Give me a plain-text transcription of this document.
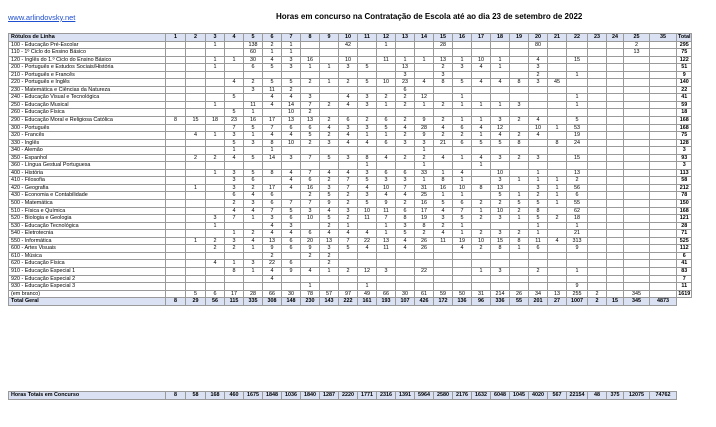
www.arlindovsky.net	Horas em concurso na Contratação de Escola até ao dia 23 de setembro de 2022
Rótulos de Linha	1	2	3	4	5	6	7	8	9	10	11	12	13	14	15	16	17	18	19	20	21	22	23	24	25	35	Total
100 - Educação Pré-Escolar			1		138	2	1			42		1			28					80					2		295
110 - 1º Ciclo do Ensino Básico					60	1	1																		13		75
120 - Inglês do 1.º Ciclo do Ensino Básico			1	1	30	4	3	16		10		11	1	1	13	1	10	1		4		15					122
200 - Português e Estudos Sociais/História			1		6	5	3	1	1	3	5		13		2	3	4	1		3							51
210 - Português e Francês													3		3					2		1					9
220 - Português e Inglês				4	2	5	5	2	1	2	5	10	23	4	8	5	4	4	8	3	45						140
230 - Matemática e Ciências da Natureza					3	11	2						6														22
240 - Educação Visual e Tecnológica				5		4	4	3		4	3	2	2	12		1						1					41
250 - Educação Musical			1		11	4	14	7	2	4	3	1	2	1	2	1	1	1	3			1					59
260 - Educação Física				5	1		10	2																			18
290 - Educação Moral e Religiosa Católica	8	15	18	23	16	17	13	13	2	6	2	6	2	9	2	1	1	3	2	4		5					168
300 - Português				7	5	7	6	6	4	3	3	5	4	28	4	6	4	12		10	1	53					168
320 - Francês		4	1	3	1	4	4	5	2	4	1	1	2	9	2	2	1	4	2	4		19					75
330 - Inglês				5	3	8	10	2	3	4	4	6	3	3	21	6	5	5	8		8	24					128
340 - Alemão				1		1								1													3
350 - Espanhol		2	2	4	5	14	3	7	5	3	8	4	2	2	4	1	4	3	2	3		15					93
360 - Língua Gestual Portuguesa											1			1			1										3
400 - História			1	3	5	8	4	7	4	4	3	6	6	33	1	4		10		1		13					113
410 - Filosofia				3	6		4	6	2	7	5	3	3	1	8	1		3	1	1	1	2					58
420 - Geografia		1		3	2	17	4	16	3	7	4	10	7	31	16	10	8	13		3	1	56					212
430 - Economia e Contabilidade				6	4	6		2	5	2	3	4	4	25	1	1		5	1	2	1	6					78
500 - Matemática				2	3	6	7	7	9	2	5	9	2	16	5	6	2	2	5	5	1	55					150
510 - Física e Química				4	4	7	5	3	4	3	10	11	6	17	4	7	1	10	2	8		62					168
520 - Biologia e Geologia			3	7	1	3	6	10	5	2	11	7	8	19	3	5	2	3	1	5	2	18					121
530 - Educação Tecnológica			1			4	3		2	1		1	3	8	2	1				1		1					28
540 - Eletrotecnia				1	2	4	4	6	4	4	4	1	5	2	4	1	2	3	2	1		21					71
550 - Informática		1	2	3	4	13	6	20	13	7	22	13	4	26	11	19	10	15	8	11	4	313					525
600 - Artes Visuais			2	2	1	9	6	9	3	5	4	11	4	26		4	2	8	1	6		9					112
610 - Música						2		2	2																		6
620 - Educação Física			4	1	3	22	6		2																		41
910 - Educação Especial 1				8	1	4	9	4	1	2	12	3		22			1	3		2		1					83
920 - Educação Especial 2						4																					7
930 - Educação Especial 3								1			1											9					11
(em branco)		5	6	17	28	66	30	78	57	97	49	66	30	61	59	50	31	214	26	34	13	255	2		345		1619
Total Geral	8	29	56	115	335	308	148	230	143	222	161	193	107	426	172	136	96	336	55	201	27	1007	2	15	345	4873	
Horas Totais em Concurso	8	58	168	460	1675	1848	1036	1840	1287	2220	1771	2316	1391	5964	2580	2176	1632	6048	1045	4020	567	22154	48	375	12075	74762
